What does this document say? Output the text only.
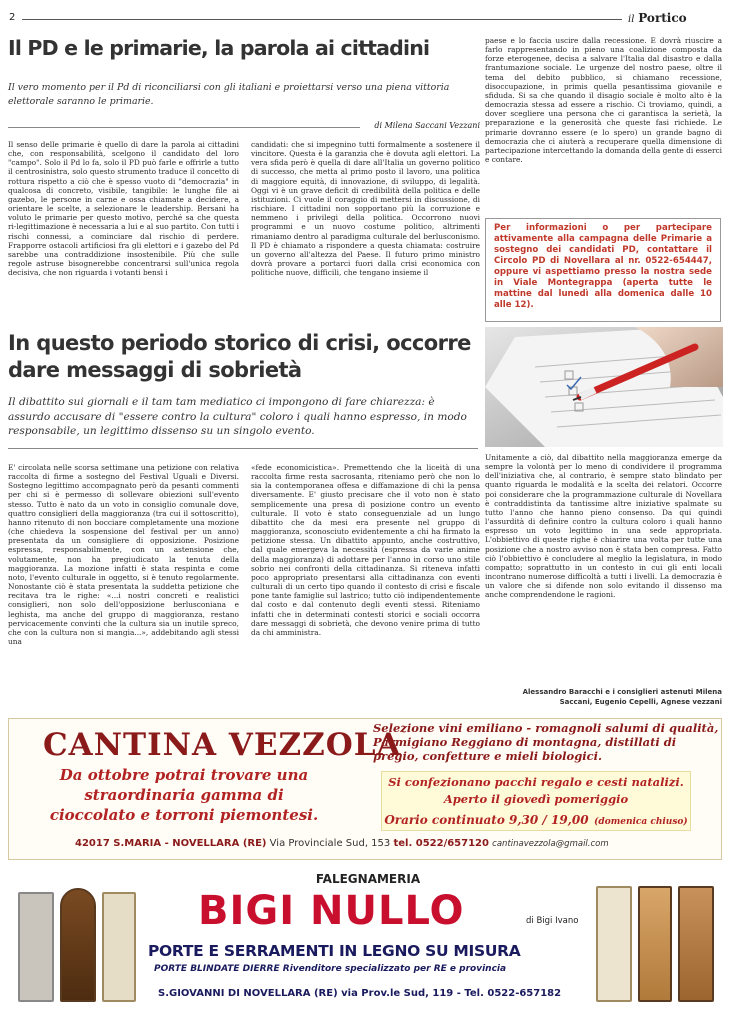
2	il Portico
Il PD e le primarie, la parola ai cittadini
Il vero momento per il Pd di riconciliarsi con gli italiani e proiettarsi verso una piena vittoria elettorale saranno le primarie.
di Milena Saccani Vezzani
Il senso delle primarie è quello di dare la parola ai cittadini che, con responsabilità, scelgono il candidato del loro "campo". Solo il Pd lo fa, solo il PD può farle e offrirle a tutto il centrosinistra, solo questo strumento traduce il concetto di rottura rispetto a ciò che è spesso vuoto di "democrazia" in qualcosa di concreto, visibile, tangibile: le lunghe file ai gazebo, le persone in carne e ossa chiamate a decidere, a orientare le scelte, a selezionare le leadership. Bersani ha voluto le primarie per questo motivo, perché sa che questa ri-legittimazione è necessaria a lui e al suo partito. Con tutti i rischi connessi, a cominciare dal rischio di perdere. Frapporre ostacoli artificiosi fra gli elettori e i gazebo del Pd sarebbe una contraddizione insostenibile. Più che sulle regole astruse bisognerebbe concentrarsi sull'unica regola decisiva, che non riguarda i votanti bensì i
candidati: che si impegnino tutti formalmente a sostenere il vincitore. Questa è la garanzia che è dovuta agli elettori. La vera sfida però è quella di dare all'Italia un governo politico di successo, che metta al primo posto il lavoro, una politica di maggiore equità, di innovazione, di sviluppo, di legalità. Oggi vi è un grave deficit di credibilità della politica e delle istituzioni. Ci vuole il coraggio di mettersi in discussione, di rischiare. I cittadini non sopportano più la corruzione e nemmeno i privilegi della politica. Occorrono nuovi programmi e un nuovo costume politico, altrimenti rimaniamo dentro al paradigma culturale del berlusconismo. Il PD è chiamato a rispondere a questa chiamata: costruire un governo all'altezza del Paese. Il futuro primo ministro dovrà provare a portarci fuori dalla crisi economica con politiche nuove, difficili, che tengano insieme il
paese e lo faccia uscire dalla recessione. E dovrà riuscire a farlo rappresentando in pieno una coalizione composta da forze eterogenee, decisa a salvare l'Italia dal disastro e dalla frantumazione sociale. Le urgenze del nostro paese, oltre il tema del debito pubblico, si chiamano recessione, disoccupazione, in primis quella pesantissima giovanile e sfiduda. Si sa che quando il disagio sociale è molto alto è la democrazia stessa ad essere a rischio. Ci troviamo, quindi, a dover scegliere una persona che ci garantisca la serietà, la preparazione e la generosità che queste fasi richiede. Le primarie dovranno essere (e lo spero) un grande bagno di democrazia che ci aiuterà a recuperare quella dimensione di partecipazione intercettando la domanda della gente di esserci e contare.
Per informazioni o per partecipare attivamente alla campagna delle Primarie a sostegno dei candidati PD, contattare il Circolo PD di Novellara al nr. 0522-654447, oppure vi aspettiamo presso la nostra sede in Viale Montegrappa (aperta tutte le mattine dal lunedì alla domenica dalle 10 alle 12).
In questo periodo storico di crisi, occorre dare messaggi di sobrietà
Il dibattito sui giornali e il tam tam mediatico ci impongono di fare chiarezza: è assurdo accusare di "essere contro la cultura" coloro i quali hanno espresso, in modo responsabile, un legittimo dissenso su un singolo evento.
E' circolata nelle scorsa settimane una petizione con relativa raccolta di firme a sostegno del Festival Uguali e Diversi. Sostegno legittimo accompagnato però da pesanti commenti per chi si è permesso di sollevare obiezioni sull'evento stesso. Tutto è nato da un voto in consiglio comunale dove, quattro consiglieri della maggioranza (tra cui il sottoscritto), hanno ritenuto di non bocciare completamente una mozione (che chiedeva la sospensione del festival per un anno) presentata da un consigliere di opposizione. Posizione espressa, responsabilmente, con un astensione che, volutamente, non ha pregiudicato la tenuta della maggioranza. La mozione infatti è stata respinta e come noto, l'evento culturale in oggetto, si è tenuto regolarmente. Nonostante ciò è stata presentata la suddetta petizione che recitava tra le righe: «...i nostri concreti e realistici consiglieri, non solo dell'opposizione berlusconiana e leghista, ma anche del gruppo di maggioranza, restano pervicacemente convinti che la cultura sia un inutile spreco, che con la cultura non si mangia...», addebitando agli stessi una
«fede economicistica». Premettendo che la liceità di una raccolta firme resta sacrosanta, riteniamo però che non lo sia la contemporanea offesa e diffamazione di chi la pensa diversamente. E' giusto precisare che il voto non è stato semplicemente una presa di posizione contro un evento culturale. Il voto è stato conseguenziale ad un lungo dibattito che da mesi era presente nel gruppo di maggioranza, sconosciuto evidentemente a chi ha firmato la petizione stessa. Un dibattito appunto, anche costruttivo, dal quale emergeva la necessità (espressa da varie anime della maggioranza) di adottare per l'anno in corso uno stile sobrio nei confronti della cittadinanza. Si riteneva infatti poco appropriato presentarsi alla cittadinanza con eventi culturali di un certo tipo quando il contesto di crisi e fiscale pone tante famiglie sul lastrico; tutto ciò indipendentemente dal costo e dal contenuto degli eventi stessi. Riteniamo infatti che in determinati contesti storici e sociali occorra dare messaggi di sobrietà, che devono venire prima di tutto da chi amministra.
Unitamente a ciò, dal dibattito nella maggioranza emerge da sempre la volontà per lo meno di condividere il programma dell'iniziativa che, al contrario, è sempre stato blindato per quanto riguarda le modalità e la scelta dei relatori. Occorre poi considerare che la programmazione culturale di Novellara è contraddistinta da tantissime altre iniziative spalmate su tutto l'anno che hanno pieno consenso. Da qui quindi l'assurdità di definire contro la cultura coloro i quali hanno espresso un voto legittimo in una sede appropriata. L'obbiettivo di queste righe è chiarire una volta per tutte una posizione che a nostro avviso non è stata ben compresa. Fatto ciò l'obbiettivo è concludere al meglio la legislatura, in modo compatto; soprattutto in un contesto in cui gli enti locali incontrano numerose difficoltà a tutti i livelli. La democrazia è un valore che si difende non solo evitando il dissenso ma anche comprendendone le ragioni.
Alessandro Baracchi e i consiglieri astenuti Milena Saccani, Eugenio Cepelli, Agnese vezzani
CANTINA VEZZOLA
Selezione vini emiliano - romagnoli salumi di qualità, Parmigiano Reggiano di montagna, distillati di pregio, confetture e mieli biologici.
Da ottobre potrai trovare una straordinaria gamma di cioccolato e torroni piemontesi.
Si confezionano pacchi regalo e cesti natalizi.
Aperto il giovedì pomeriggio
Orario continuato 9,30 / 19,00 (domenica chiuso)
42017 S.MARIA - NOVELLARA (RE) Via Provinciale Sud, 153 tel. 0522/657120 cantinavezzola@gmail.com
FALEGNAMERIA
BIGI NULLO	di Bigi Ivano
PORTE E SERRAMENTI IN LEGNO SU MISURA
PORTE BLINDATE DIERRE Rivenditore specializzato per RE e provincia
S.GIOVANNI DI NOVELLARA (RE) via Prov.le Sud, 119 - Tel. 0522-657182
